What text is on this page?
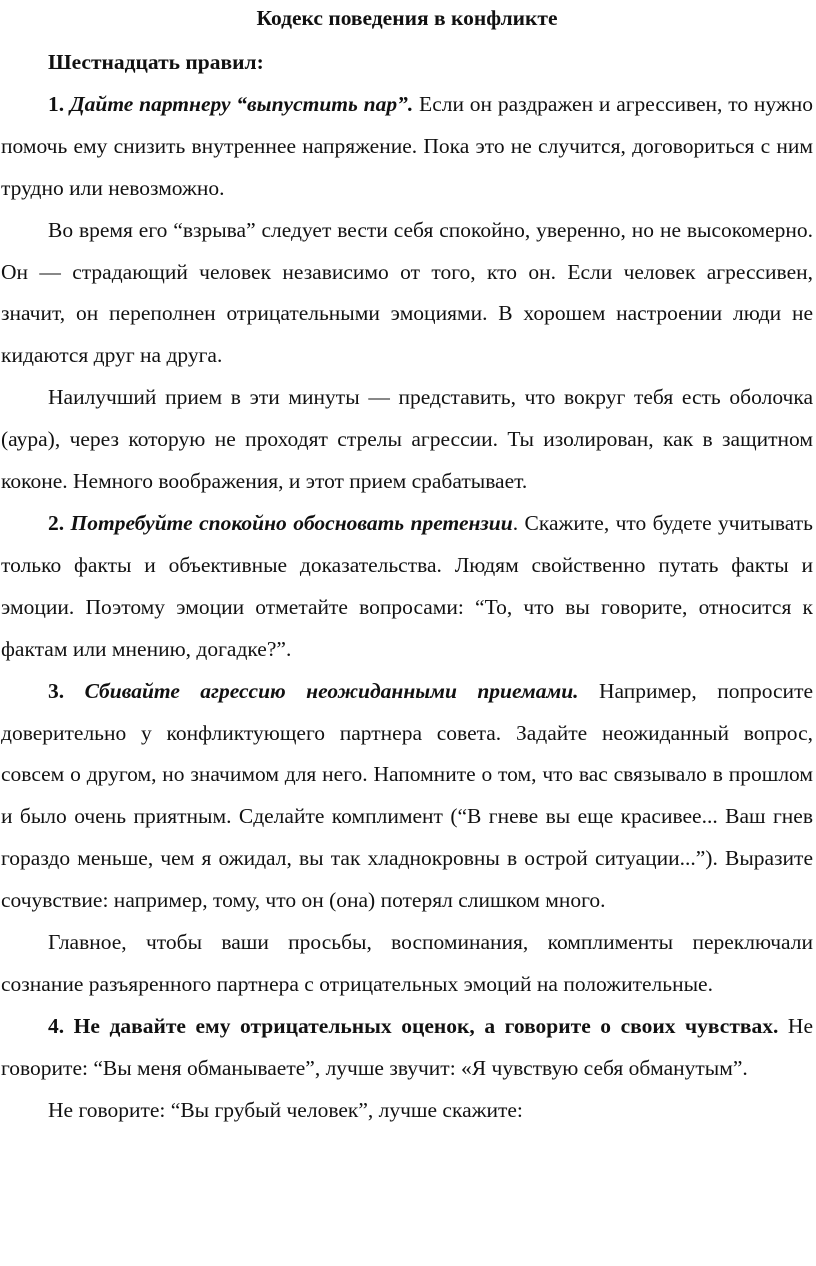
Кодекс поведения в конфликте
Шестнадцать правил:

1. Дайте партнеру “выпустить пар”. Если он раздражен и агрессивен, то нужно помочь ему снизить внутреннее напряжение. Пока это не случится, договориться с ним трудно или невозможно.

Во время его “взрыва” следует вести себя спокойно, уверенно, но не высокомерно. Он — страдающий человек независимо от того, кто он. Если человек агрессивен, значит, он переполнен отрицательными эмоциями. В хорошем настроении люди не кидаются друг на друга.

Наилучший прием в эти минуты — представить, что вокруг тебя есть оболочка (аура), через которую не проходят стрелы агрессии. Ты изолирован, как в защитном коконе. Немного воображения, и этот прием срабатывает.

2. Потребуйте спокойно обосновать претензии. Скажите, что будете учитывать только факты и объективные доказательства. Людям свойственно путать факты и эмоции. Поэтому эмоции отметайте вопросами: “То, что вы говорите, относится к фактам или мнению, догадке?”.

3. Сбивайте агрессию неожиданными приемами. Например, попросите доверительно у конфликтующего партнера совета. Задайте неожиданный вопрос, совсем о другом, но значимом для него. Напомните о том, что вас связывало в прошлом и было очень приятным. Сделайте комплимент (“В гневе вы еще красивее... Ваш гнев гораздо меньше, чем я ожидал, вы так хладнокровны в острой ситуации...”). Выразите сочувствие: например, тому, что он (она) потерял слишком много.

Главное, чтобы ваши просьбы, воспоминания, комплименты переключали сознание разъяренного партнера с отрицательных эмоций на положительные.

4. Не давайте ему отрицательных оценок, а говорите о своих чувствах. Не говорите: “Вы меня обманываете”, лучше звучит: «Я чувствую себя обманутым”.

Не говорите: “Вы грубый человек”, лучше скажите:
